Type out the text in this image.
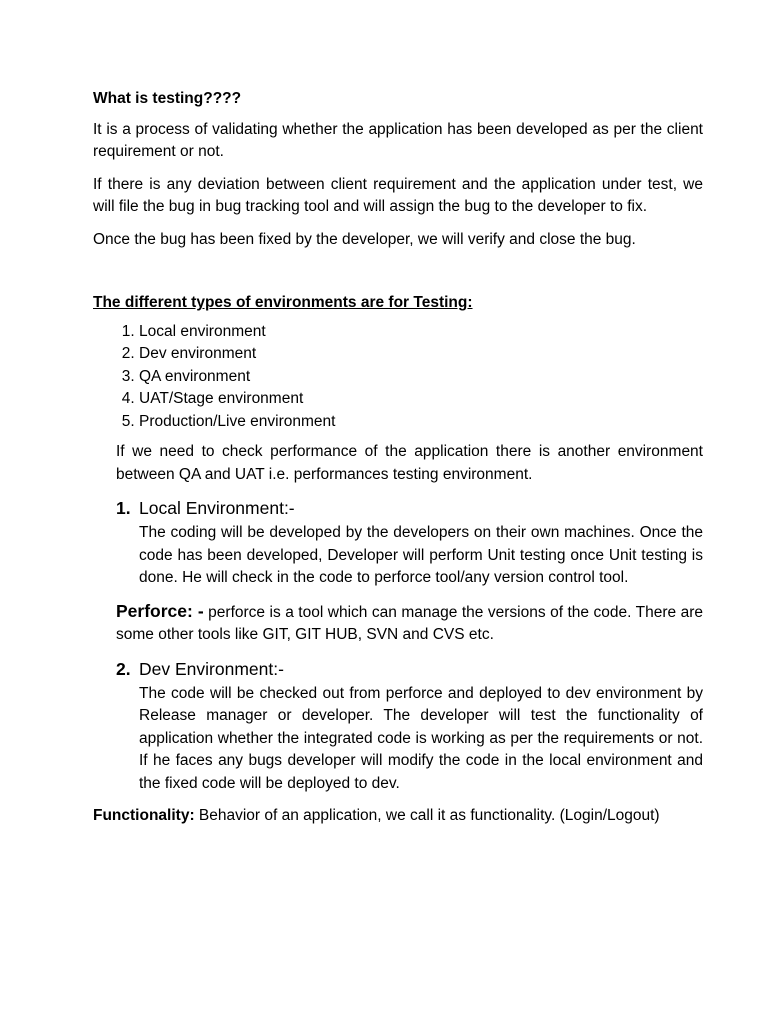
What is testing????

It is a process of validating whether the application has been developed as per the client requirement or not.

If there is any deviation between client requirement and the application under test, we will file the bug in bug tracking tool and will assign the bug to the developer to fix.

Once the bug has been fixed by the developer, we will verify and close the bug.

The different types of environments are for Testing:
1. Local environment
2. Dev environment
3. QA environment
4. UAT/Stage environment
5. Production/Live environment

If we need to check performance of the application there is another environment between QA and UAT i.e. performances testing environment.

1. Local Environment:-
The coding will be developed by the developers on their own machines. Once the code has been developed, Developer will perform Unit testing once Unit testing is done. He will check in the code to perforce tool/any version control tool.
Perforce: - perforce is a tool which can manage the versions of the code. There are some other tools like GIT, GIT HUB, SVN and CVS etc.
2. Dev Environment:-
The code will be checked out from perforce and deployed to dev environment by Release manager or developer. The developer will test the functionality of application whether the integrated code is working as per the requirements or not. If he faces any bugs developer will modify the code in the local environment and the fixed code will be deployed to dev.

Functionality: Behavior of an application, we call it as functionality. (Login/Logout)
